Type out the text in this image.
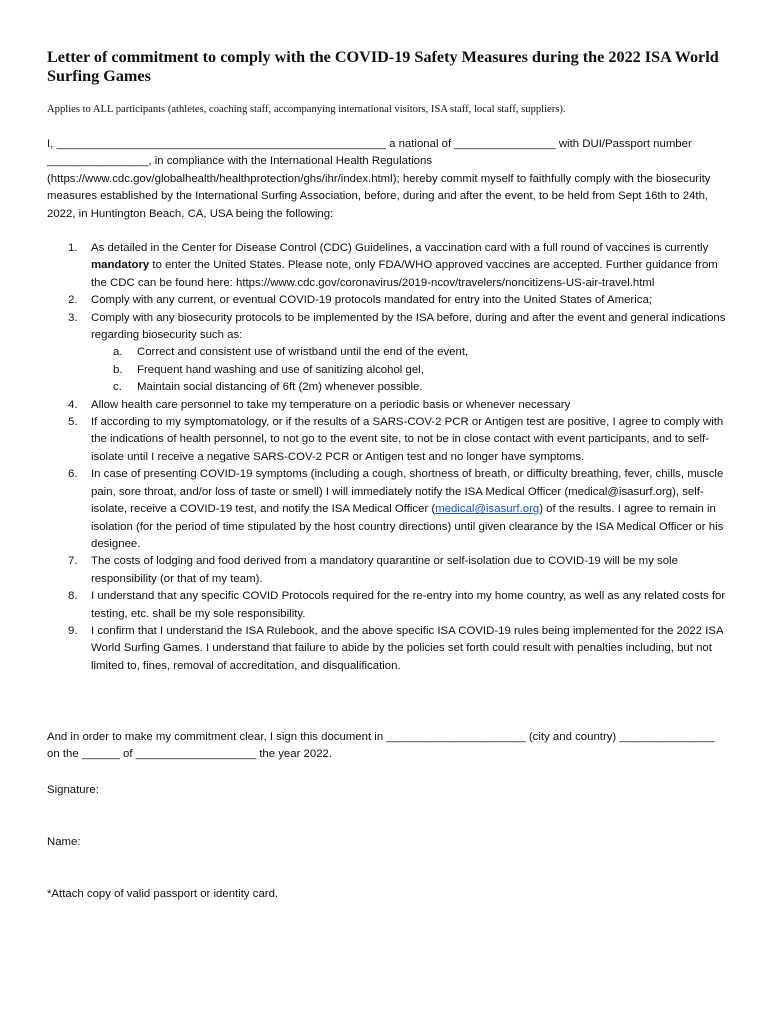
Letter of commitment to comply with the COVID-19 Safety Measures during the 2022 ISA World Surfing Games

Applies to ALL participants (athletes, coaching staff, accompanying international visitors, ISA staff, local staff, suppliers).

I, ____________________________________________________ a national of ________________ with DUI/Passport number ________________, in compliance with the International Health Regulations (https://www.cdc.gov/globalhealth/healthprotection/ghs/ihr/index.html); hereby commit myself to faithfully comply with the biosecurity measures established by the International Surfing Association, before, during and after the event, to be held from Sept 16th to 24th, 2022, in Huntington Beach, CA, USA being the following:

1. As detailed in the Center for Disease Control (CDC) Guidelines, a vaccination card with a full round of vaccines is currently mandatory to enter the United States. Please note, only FDA/WHO approved vaccines are accepted. Further guidance from the CDC can be found here: https://www.cdc.gov/coronavirus/2019-ncov/travelers/noncitizens-US-air-travel.html
2. Comply with any current, or eventual COVID-19 protocols mandated for entry into the United States of America;
3. Comply with any biosecurity protocols to be implemented by the ISA before, during and after the event and general indications regarding biosecurity such as:
a. Correct and consistent use of wristband until the end of the event,
b. Frequent hand washing and use of sanitizing alcohol gel,
c. Maintain social distancing of 6ft (2m) whenever possible.
4. Allow health care personnel to take my temperature on a periodic basis or whenever necessary
5. If according to my symptomatology, or if the results of a SARS-COV-2 PCR or Antigen test are positive, I agree to comply with the indications of health personnel, to not go to the event site, to not be in close contact with event participants, and to self-isolate until I receive a negative SARS-COV-2 PCR or Antigen test and no longer have symptoms.
6. In case of presenting COVID-19 symptoms (including a cough, shortness of breath, or difficulty breathing, fever, chills, muscle pain, sore throat, and/or loss of taste or smell) I will immediately notify the ISA Medical Officer (medical@isasurf.org), self-isolate, receive a COVID-19 test, and notify the ISA Medical Officer (medical@isasurf.org) of the results. I agree to remain in isolation (for the period of time stipulated by the host country directions) until given clearance by the ISA Medical Officer or his designee.
7. The costs of lodging and food derived from a mandatory quarantine or self-isolation due to COVID-19 will be my sole responsibility (or that of my team).
8. I understand that any specific COVID Protocols required for the re-entry into my home country, as well as any related costs for testing, etc. shall be my sole responsibility.
9. I confirm that I understand the ISA Rulebook, and the above specific ISA COVID-19 rules being implemented for the 2022 ISA World Surfing Games. I understand that failure to abide by the policies set forth could result with penalties including, but not limited to, fines, removal of accreditation, and disqualification.

And in order to make my commitment clear, I sign this document in ______________________ (city and country) _______________ on the ______ of ___________________ the year 2022.

Signature:
Name:
*Attach copy of valid passport or identity card.
